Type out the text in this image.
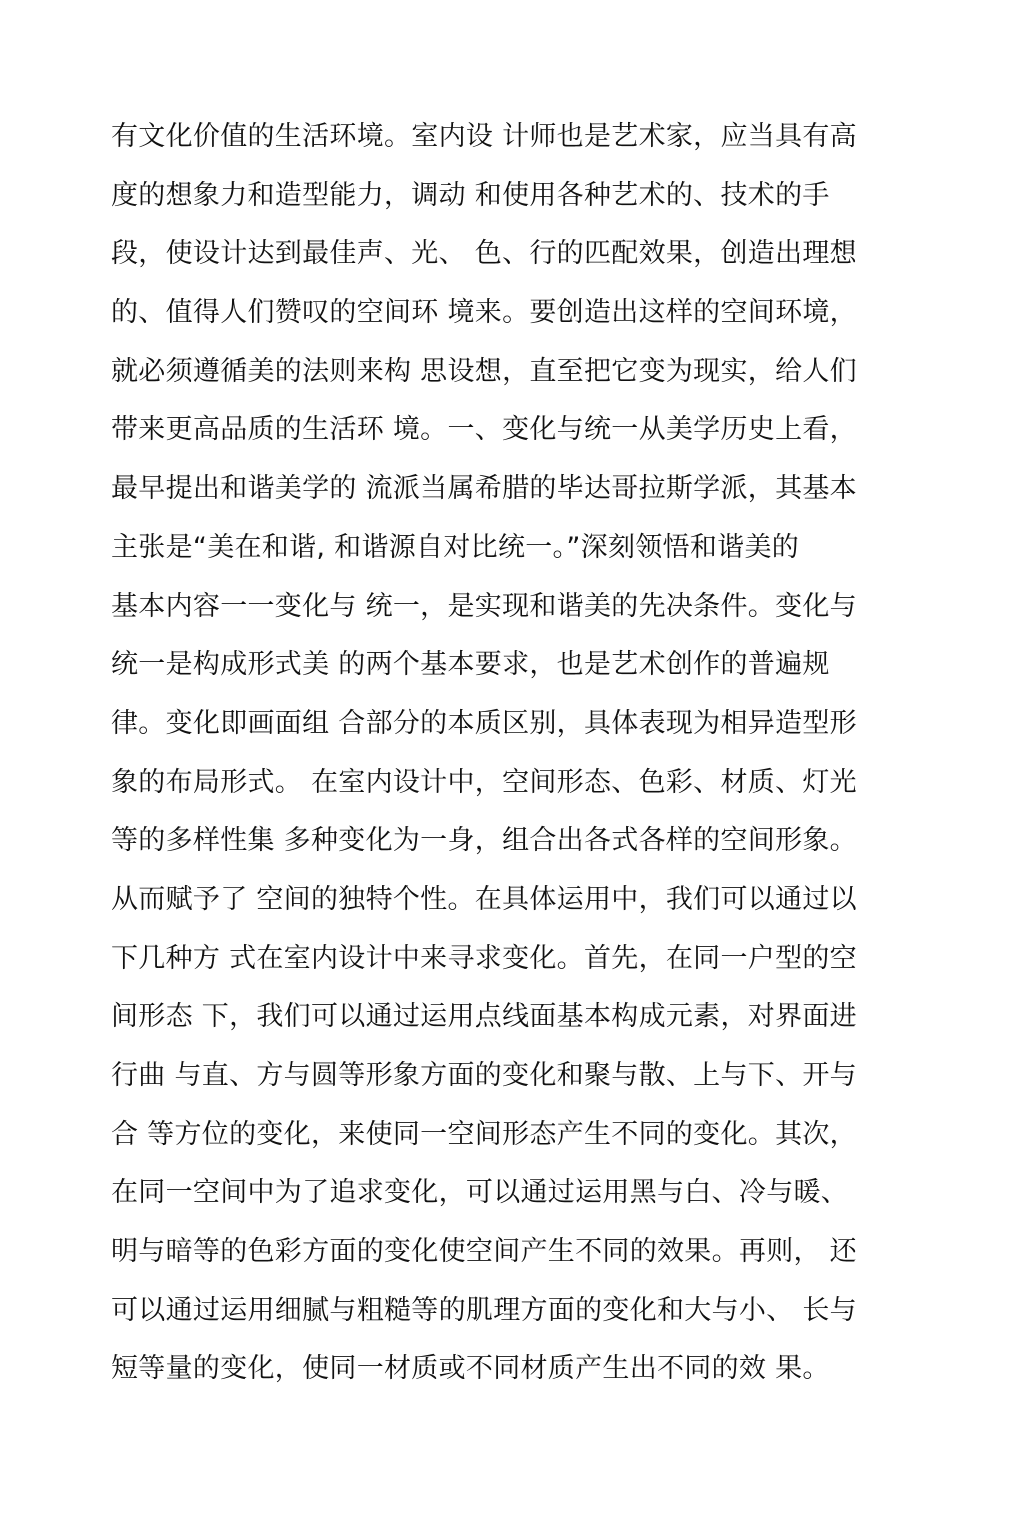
有文化价值的生活环境。室内设 计师也是艺术家，应当具有高
度的想象力和造型能力，调动 和使用各种艺术的、技术的手
段，使设计达到最佳声、光、 色、行的匹配效果，创造出理想
的、值得人们赞叹的空间环 境来。要创造出这样的空间环境，
就必须遵循美的法则来构 思设想，直至把它变为现实，给人们
带来更高品质的生活环 境。一、变化与统一从美学历史上看，
最早提出和谐美学的 流派当属希腊的毕达哥拉斯学派，其基本
主张是“美在和谐, 和谐源自对比统一。”深刻领悟和谐美的
基本内容一一变化与 统一，是实现和谐美的先决条件。变化与
统一是构成形式美 的两个基本要求，也是艺术创作的普遍规
律。变化即画面组 合部分的本质区别，具体表现为相异造型形
象的布局形式。 在室内设计中，空间形态、色彩、材质、灯光
等的多样性集 多种变化为一身，组合出各式各样的空间形象。
从而赋予了 空间的独特个性。在具体运用中，我们可以通过以
下几种方 式在室内设计中来寻求变化。首先，在同一户型的空
间形态 下，我们可以通过运用点线面基本构成元素，对界面进
行曲 与直、方与圆等形象方面的变化和聚与散、上与下、开与
合 等方位的变化，来使同一空间形态产生不同的变化。其次，
在同一空间中为了追求变化，可以通过运用黑与白、冷与暖、
明与暗等的色彩方面的变化使空间产生不同的效果。再则， 还
可以通过运用细腻与粗糙等的肌理方面的变化和大与小、 长与
短等量的变化，使同一材质或不同材质产生出不同的效 果。
